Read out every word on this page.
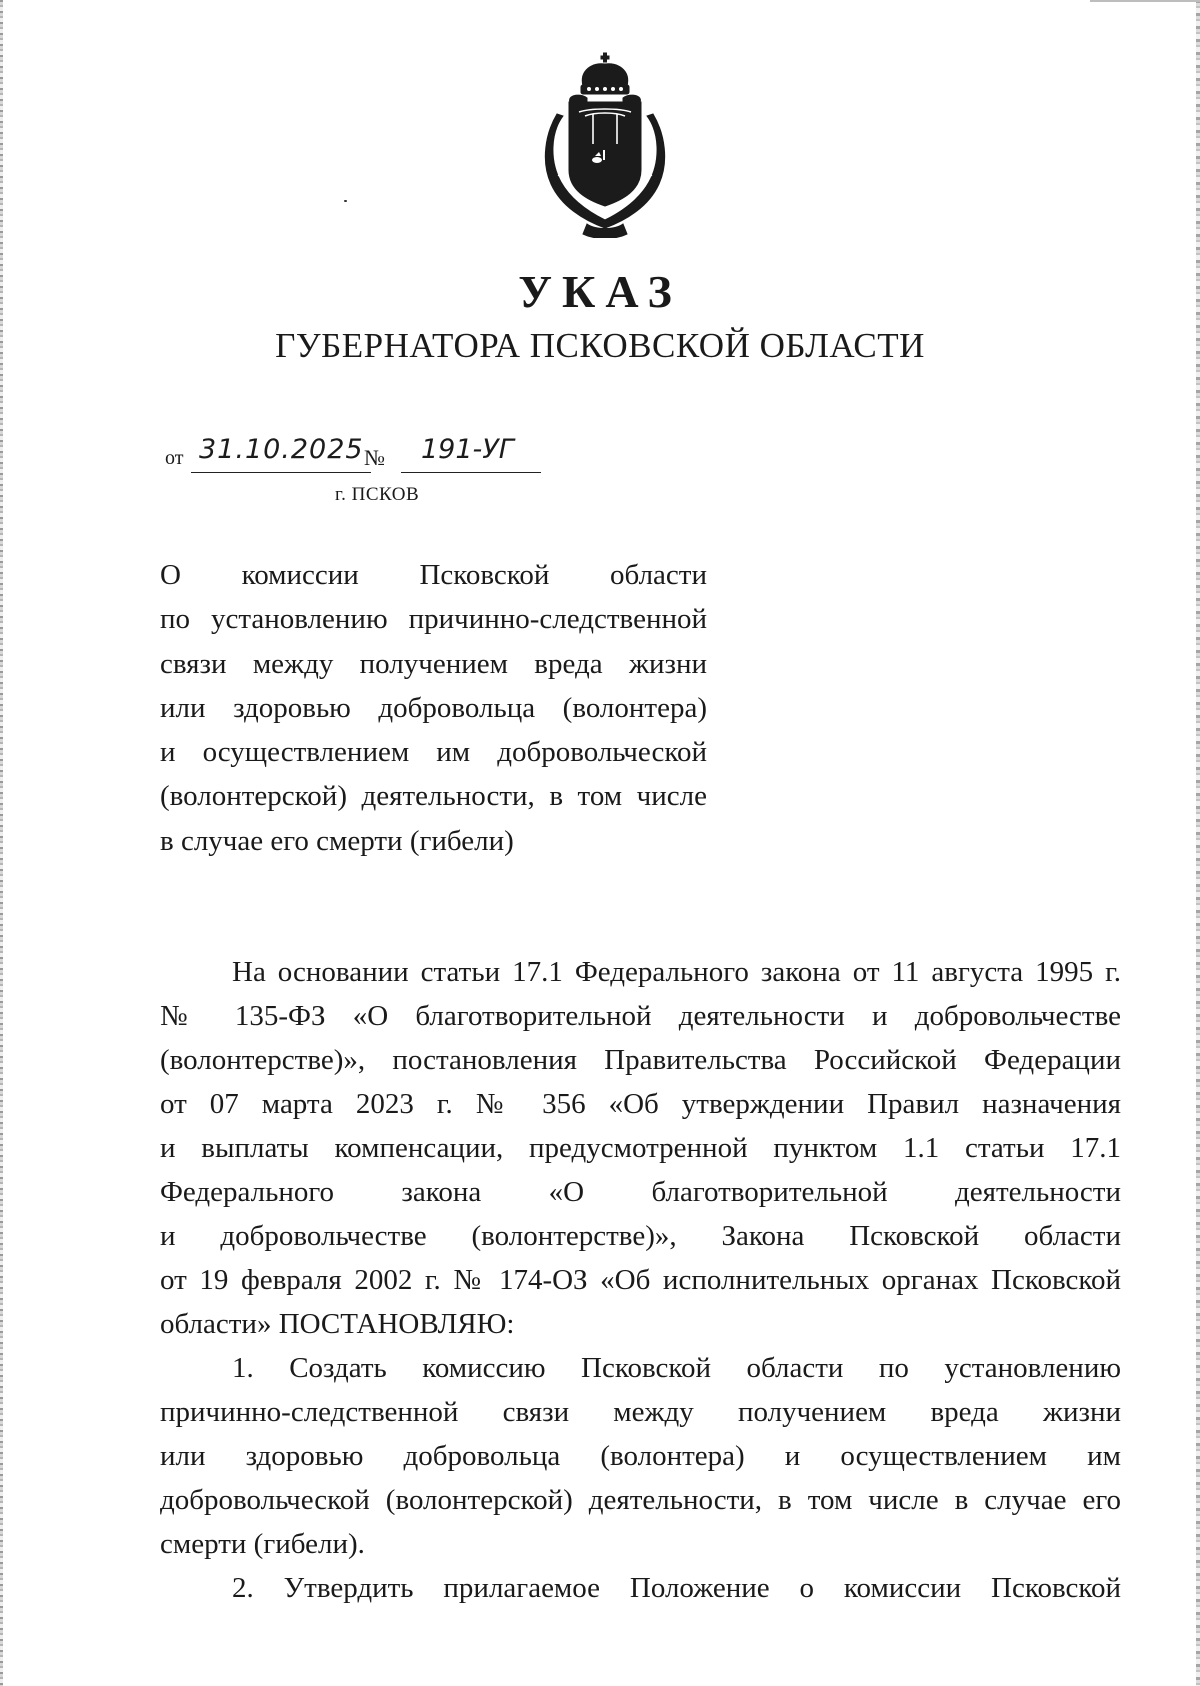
УКАЗ
ГУБЕРНАТОРА ПСКОВСКОЙ ОБЛАСТИ
от 31.10.2025 № 191-УГ
г. ПСКОВ
О комиссии Псковской области
по установлению причинно-следственной
связи между получением вреда жизни
или здоровью добровольца (волонтера)
и осуществлением им добровольческой
(волонтерской) деятельности, в том числе
в случае его смерти (гибели)
На основании статьи 17.1 Федерального закона от 11 августа 1995 г.
№ 135-ФЗ «О благотворительной деятельности и добровольчестве
(волонтерстве)», постановления Правительства Российской Федерации
от 07 марта 2023 г. № 356 «Об утверждении Правил назначения
и выплаты компенсации, предусмотренной пунктом 1.1 статьи 17.1
Федерального закона «О благотворительной деятельности
и добровольчестве (волонтерстве)», Закона Псковской области
от 19 февраля 2002 г. № 174-ОЗ «Об исполнительных органах Псковской
области» ПОСТАНОВЛЯЮ:
1. Создать комиссию Псковской области по установлению
причинно-следственной связи между получением вреда жизни
или здоровью добровольца (волонтера) и осуществлением им
добровольческой (волонтерской) деятельности, в том числе в случае его
смерти (гибели).
2. Утвердить прилагаемое Положение о комиссии Псковской
